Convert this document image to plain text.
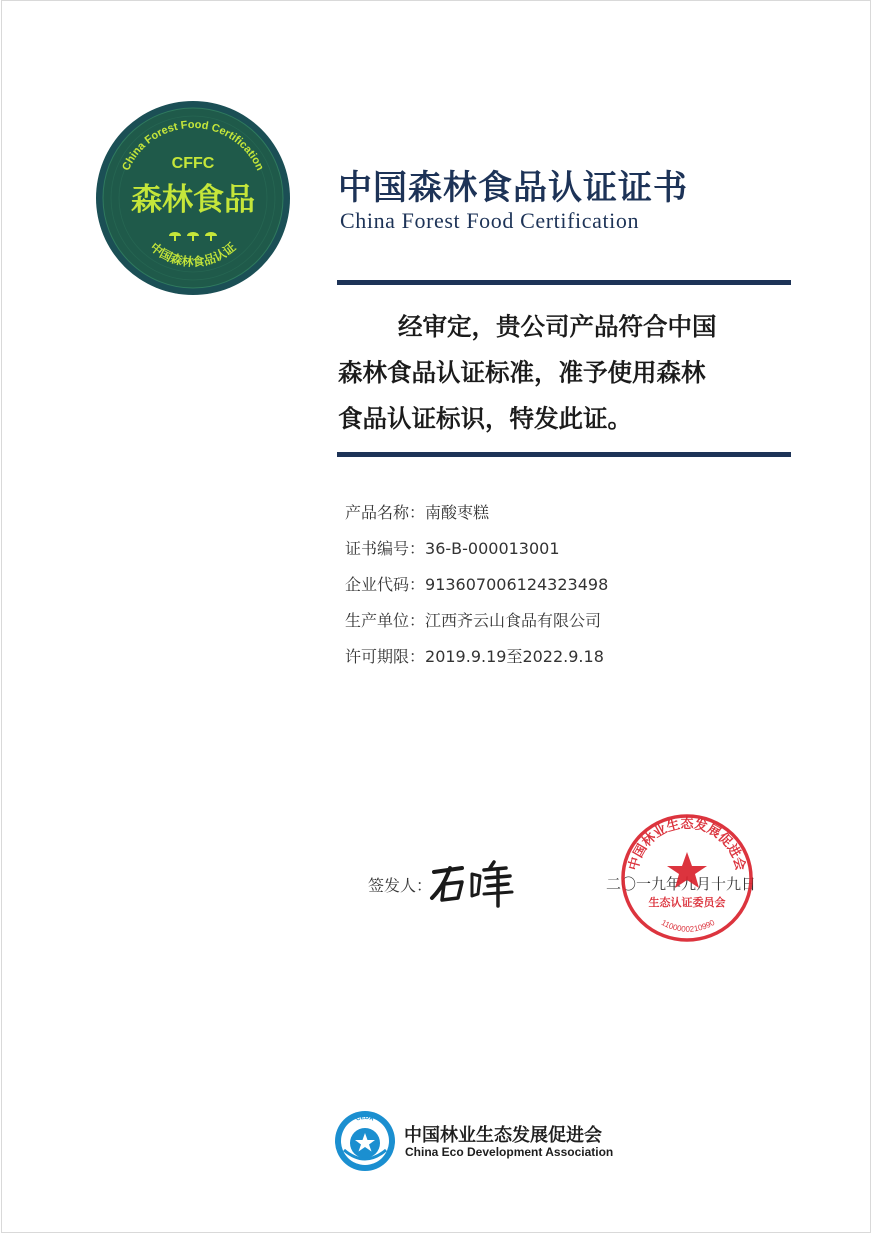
China Forest Food Certification
CFFC
森林食品
中国森林食品认证
中国森林食品认证证书
China Forest Food Certification
经审定，贵公司产品符合中国
森林食品认证标准，准予使用森林
食品认证标识，特发此证。
产品名称：南酸枣糕
证书编号：36-B-000013001
企业代码：913607006124323498
生产单位：江西齐云山食品有限公司
许可期限：2019.9.19至2022.9.18
签发人：	二〇一九年九月十九日
中国林业生态发展促进会
生态认证委员会
1100000210990
CEDA
中国林业生态发展促进会
China Eco Development Association
